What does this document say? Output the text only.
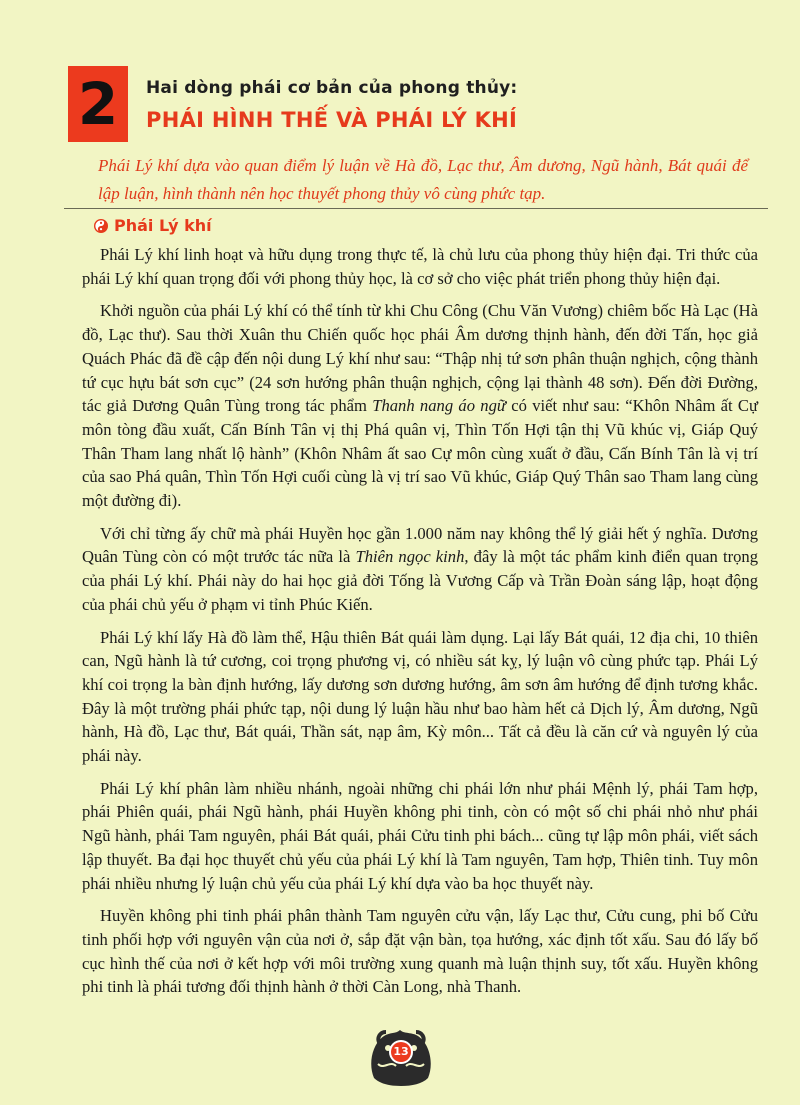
2 Hai dòng phái cơ bản của phong thủy:
PHÁI HÌNH THẾ VÀ PHÁI LÝ KHÍ
Phái Lý khí dựa vào quan điểm lý luận về Hà đồ, Lạc thư, Âm dương, Ngũ hành, Bát quái để lập luận, hình thành nên học thuyết phong thủy vô cùng phức tạp.
Phái Lý khí

Phái Lý khí linh hoạt và hữu dụng trong thực tế, là chủ lưu của phong thủy hiện đại. Tri thức của phái Lý khí quan trọng đối với phong thủy học, là cơ sở cho việc phát triển phong thủy hiện đại.

Khởi nguồn của phái Lý khí có thể tính từ khi Chu Công (Chu Văn Vương) chiêm bốc Hà Lạc (Hà đồ, Lạc thư). Sau thời Xuân thu Chiến quốc học phái Âm dương thịnh hành, đến đời Tấn, học giả Quách Phác đã đề cập đến nội dung Lý khí như sau: “Thập nhị tứ sơn phân thuận nghịch, cộng thành tứ cục hựu bát sơn cục” (24 sơn hướng phân thuận nghịch, cộng lại thành 48 sơn). Đến đời Đường, tác giả Dương Quân Tùng trong tác phẩm Thanh nang áo ngữ có viết như sau: “Khôn Nhâm ất Cự môn tòng đầu xuất, Cấn Bính Tân vị thị Phá quân vị, Thìn Tốn Hợi tận thị Vũ khúc vị, Giáp Quý Thân Tham lang nhất lộ hành” (Khôn Nhâm ất sao Cự môn cùng xuất ở đầu, Cấn Bính Tân là vị trí của sao Phá quân, Thìn Tốn Hợi cuối cùng là vị trí sao Vũ khúc, Giáp Quý Thân sao Tham lang cùng một đường đi).

Với chỉ từng ấy chữ mà phái Huyền học gần 1.000 năm nay không thể lý giải hết ý nghĩa. Dương Quân Tùng còn có một trước tác nữa là Thiên ngọc kinh, đây là một tác phẩm kinh điển quan trọng của phái Lý khí. Phái này do hai học giả đời Tống là Vương Cấp và Trần Đoàn sáng lập, hoạt động của phái chủ yếu ở phạm vi tỉnh Phúc Kiến.

Phái Lý khí lấy Hà đồ làm thể, Hậu thiên Bát quái làm dụng. Lại lấy Bát quái, 12 địa chi, 10 thiên can, Ngũ hành là tứ cương, coi trọng phương vị, có nhiều sát kỵ, lý luận vô cùng phức tạp. Phái Lý khí coi trọng la bàn định hướng, lấy dương sơn dương hướng, âm sơn âm hướng để định tương khắc. Đây là một trường phái phức tạp, nội dung lý luận hầu như bao hàm hết cả Dịch lý, Âm dương, Ngũ hành, Hà đồ, Lạc thư, Bát quái, Thần sát, nạp âm, Kỳ môn... Tất cả đều là căn cứ và nguyên lý của phái này.

Phái Lý khí phân làm nhiều nhánh, ngoài những chi phái lớn như phái Mệnh lý, phái Tam hợp, phái Phiên quái, phái Ngũ hành, phái Huyền không phi tinh, còn có một số chi phái nhỏ như phái Ngũ hành, phái Tam nguyên, phái Bát quái, phái Cửu tinh phi bách... cũng tự lập môn phái, viết sách lập thuyết. Ba đại học thuyết chủ yếu của phái Lý khí là Tam nguyên, Tam hợp, Thiên tinh. Tuy môn phái nhiều nhưng lý luận chủ yếu của phái Lý khí dựa vào ba học thuyết này.

Huyền không phi tinh phái phân thành Tam nguyên cửu vận, lấy Lạc thư, Cửu cung, phi bố Cửu tinh phối hợp với nguyên vận của nơi ở, sắp đặt vận bàn, tọa hướng, xác định tốt xấu. Sau đó lấy bố cục hình thế của nơi ở kết hợp với môi trường xung quanh mà luận thịnh suy, tốt xấu. Huyền không phi tinh là phái tương đối thịnh hành ở thời Càn Long, nhà Thanh.

13
